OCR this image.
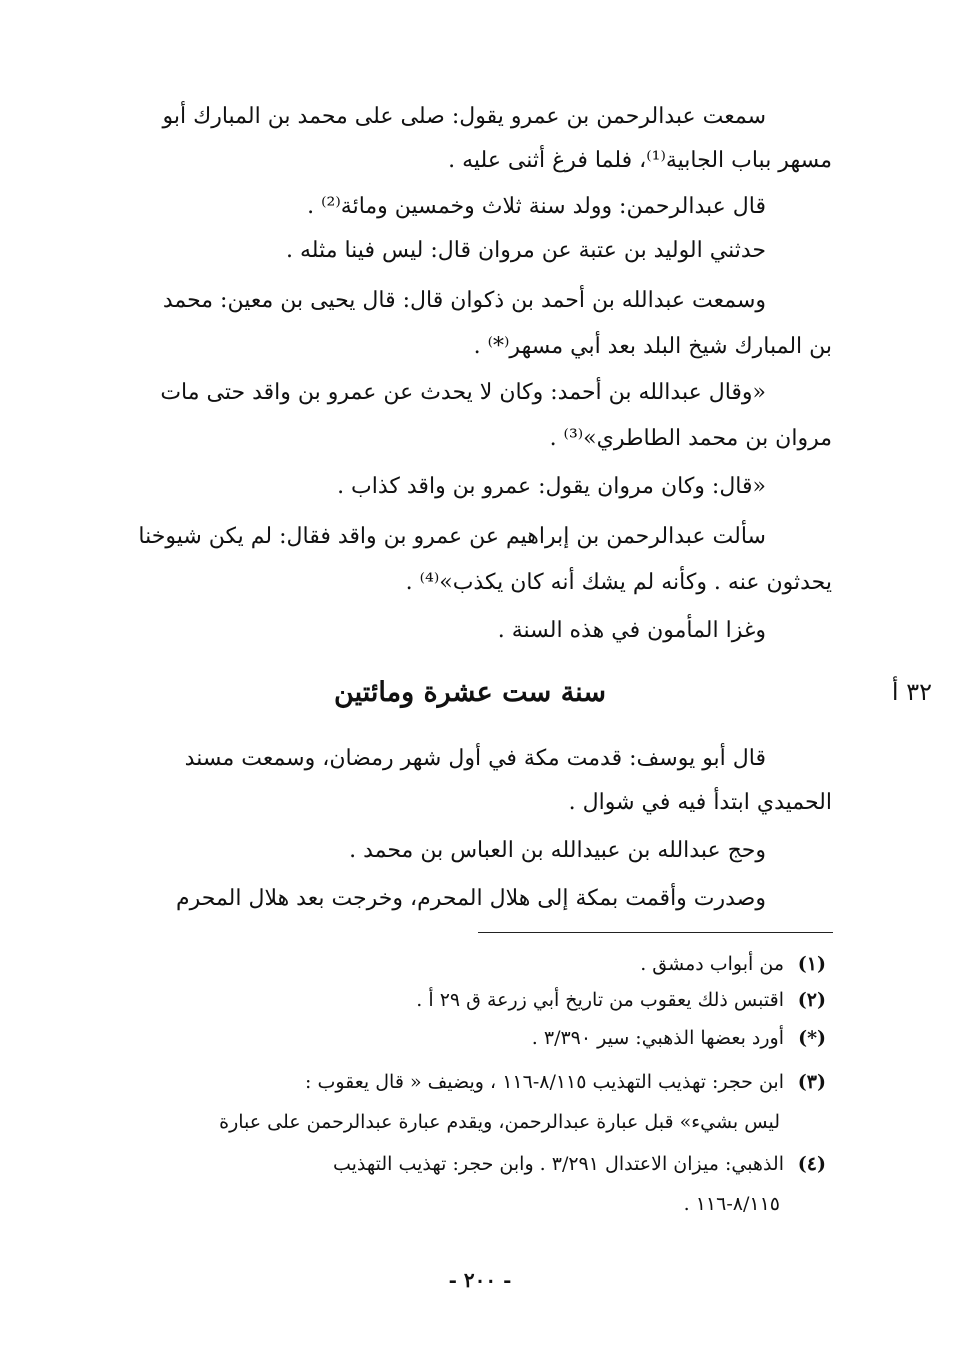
سمعت عبدالرحمن بن عمرو يقول: صلى على محمد بن المبارك أبو
مسهر بباب الجابية⁽¹⁾، فلما فرغ أثنى عليه .
قال عبدالرحمن: وولد سنة ثلاث وخمسين ومائة⁽²⁾ .
حدثني الوليد بن عتبة عن مروان قال: ليس فينا مثله .
وسمعت عبدالله بن أحمد بن ذكوان قال: قال يحيى بن معين: محمد
بن المبارك شيخ البلد بعد أبي مسهر⁽*⁾ .
«وقال عبدالله بن أحمد: وكان لا يحدث عن عمرو بن واقد حتى مات
مروان بن محمد الطاطري»⁽³⁾ .
«قال: وكان مروان يقول: عمرو بن واقد كذاب .
سألت عبدالرحمن بن إبراهيم عن عمرو بن واقد فقال: لم يكن شيوخنا
يحدثون عنه . وكأنه لم يشك أنه كان يكذب»⁽⁴⁾ .
وغزا المأمون في هذه السنة .
سنة ست عشرة ومائتين	٣٢ أ
قال أبو يوسف: قدمت مكة في أول شهر رمضان، وسمعت مسند
الحميدي ابتدأ فيه في شوال .
وحج عبدالله بن عبيدالله بن العباس بن محمد .
وصدرت وأقمت بمكة إلى هلال المحرم، وخرجت بعد هلال المحرم
(١)من أبواب دمشق .
(٢)اقتبس ذلك يعقوب من تاريخ أبي زرعة ق ٢٩ أ .
(*)أورد بعضها الذهبي: سير ٣/٣٩٠ .
(٣)ابن حجر: تهذيب التهذيب ٨/١١٥-١١٦ ، ويضيف « قال يعقوب :
ليس بشيء» قبل عبارة عبدالرحمن، ويقدم عبارة عبدالرحمن على عبارة
(٤)الذهبي: ميزان الاعتدال ٣/٢٩١ . وابن حجر: تهذيب التهذيب
٨/١١٥-١١٦ .
- ٢٠٠ -
